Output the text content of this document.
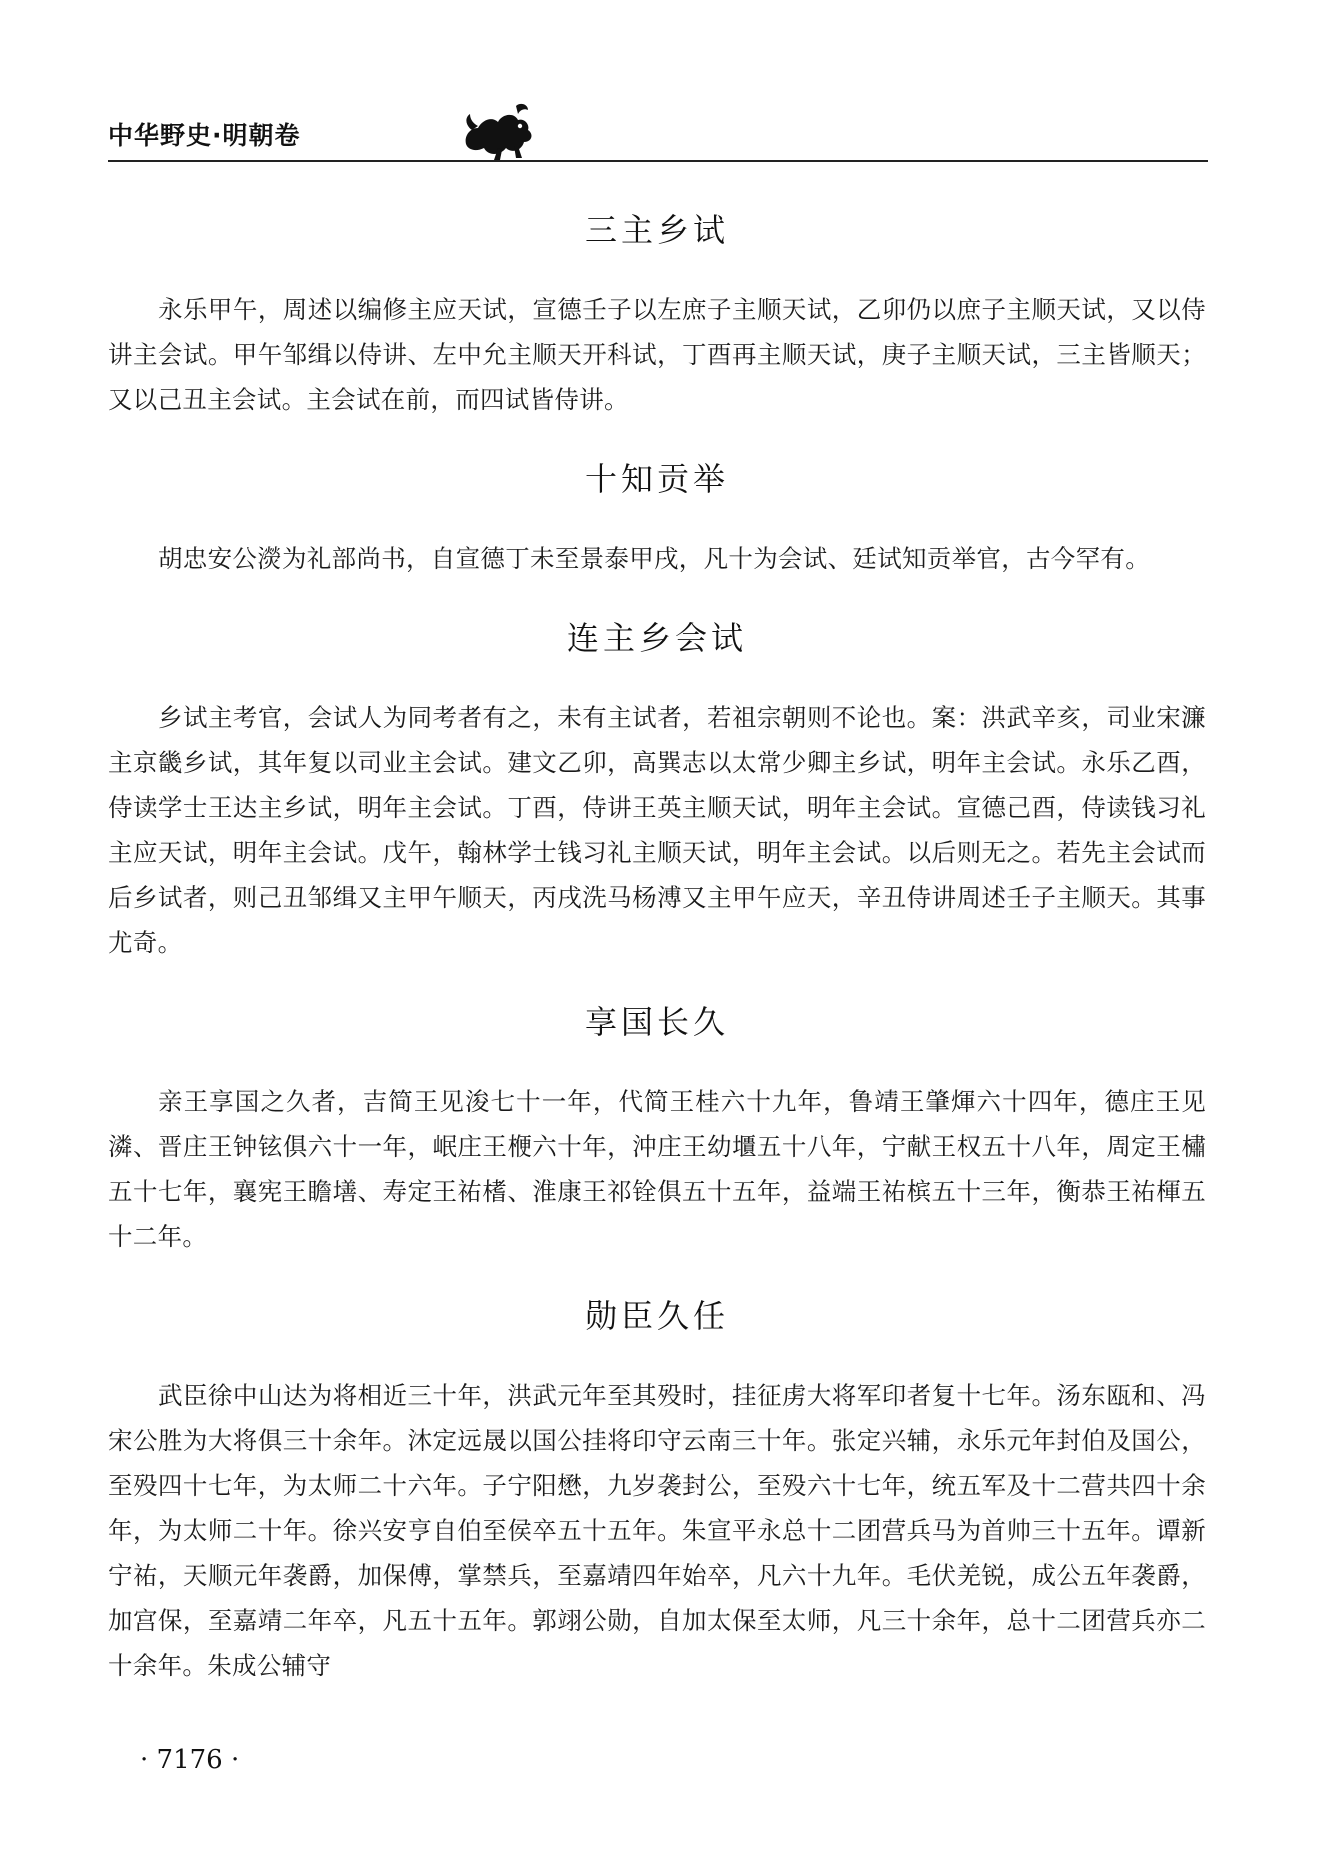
中华野史·明朝卷
三主乡试

永乐甲午，周述以编修主应天试，宣德壬子以左庶子主顺天试，乙卯仍以庶子主顺天试，又以侍讲主会试。甲午邹缉以侍讲、左中允主顺天开科试，丁酉再主顺天试，庚子主顺天试，三主皆顺天；又以己丑主会试。主会试在前，而四试皆侍讲。

十知贡举

胡忠安公濙为礼部尚书，自宣德丁未至景泰甲戌，凡十为会试、廷试知贡举官，古今罕有。

连主乡会试

乡试主考官，会试人为同考者有之，未有主试者，若祖宗朝则不论也。案：洪武辛亥，司业宋濂主京畿乡试，其年复以司业主会试。建文乙卯，高巽志以太常少卿主乡试，明年主会试。永乐乙酉，侍读学士王达主乡试，明年主会试。丁酉，侍讲王英主顺天试，明年主会试。宣德己酉，侍读钱习礼主应天试，明年主会试。戊午，翰林学士钱习礼主顺天试，明年主会试。以后则无之。若先主会试而后乡试者，则己丑邹缉又主甲午顺天，丙戌洗马杨溥又主甲午应天，辛丑侍讲周述壬子主顺天。其事尤奇。

享国长久

亲王享国之久者，吉简王见浚七十一年，代简王桂六十九年，鲁靖王肇煇六十四年，德庄王见潾、晋庄王钟铉俱六十一年，岷庄王楩六十年，沖庄王幼㙺五十八年，宁献王权五十八年，周定王橚五十七年，襄宪王瞻墡、寿定王祐榰、淮康王祁铨俱五十五年，益端王祐槟五十三年，衡恭王祐楎五十二年。

勋臣久任

武臣徐中山达为将相近三十年，洪武元年至其殁时，挂征虏大将军印者复十七年。汤东瓯和、冯宋公胜为大将俱三十余年。沐定远晟以国公挂将印守云南三十年。张定兴辅，永乐元年封伯及国公，至殁四十七年，为太师二十六年。子宁阳懋，九岁袭封公，至殁六十七年，统五军及十二营共四十余年，为太师二十年。徐兴安亨自伯至侯卒五十五年。朱宣平永总十二团营兵马为首帅三十五年。谭新宁祐，天顺元年袭爵，加保傅，掌禁兵，至嘉靖四年始卒，凡六十九年。毛伏羌锐，成公五年袭爵，加宫保，至嘉靖二年卒，凡五十五年。郭翊公勋，自加太保至太师，凡三十余年，总十二团营兵亦二十余年。朱成公辅守

· 7176 ·
